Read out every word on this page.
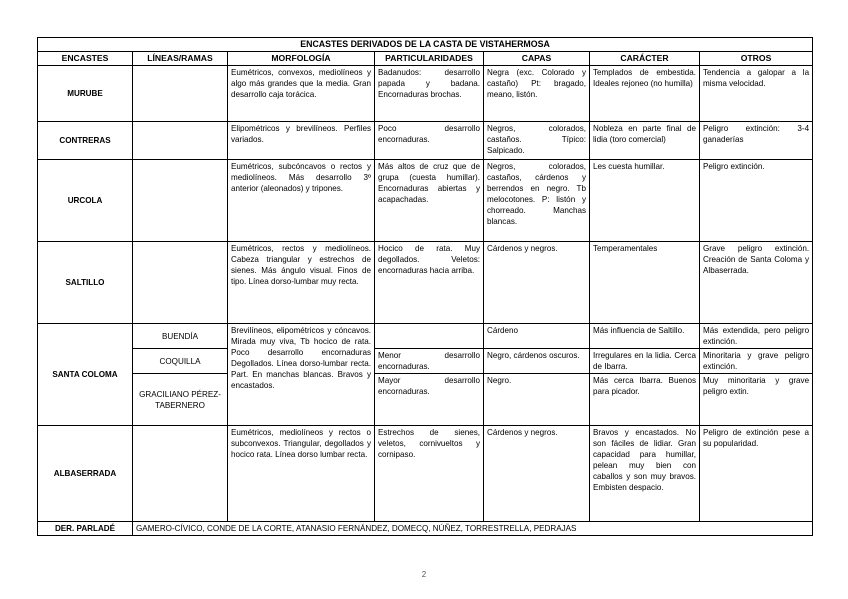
ENCASTES DERIVADOS DE LA CASTA DE VISTAHERMOSA						
ENCASTES	LÍNEAS/RAMAS	MORFOLOGÍA	PARTICULARIDADES	CAPAS	CARÁCTER	OTROS
MURUBE		Eumétricos, convexos, mediolíneos y algo más grandes que la media. Gran desarrollo caja torácica.	Badanudos: desarrollo papada y badana. Encornaduras brochas.	Negra (exc. Colorado y castaño) Pt: bragado, meano, listón.	Templados de embestida. Ideales rejoneo (no humilla)	Tendencia a galopar a la misma velocidad.
CONTRERAS		Elipométricos y brevilíneos. Perfiles variados.	Poco desarrollo encornaduras.	Negros, colorados, castaños. Típico: Salpicado.	Nobleza en parte final de lidia (toro comercial)	Peligro extinción: 3-4 ganaderías
URCOLA		Eumétricos, subcóncavos o rectos y mediolíneos. Más desarrollo 3º anterior (aleonados) y tripones.	Más altos de cruz que de grupa (cuesta humillar). Encornaduras abiertas y acapachadas.	Negros, colorados, castaños, cárdenos y berrendos en negro. Tb melocotones. P: listón y chorreado. Manchas blancas.	Les cuesta humillar.	Peligro extinción.
SALTILLO		Eumétricos, rectos y mediolíneos. Cabeza triangular y estrechos de sienes. Más ángulo visual. Finos de tipo. Línea dorso-lumbar muy recta.	Hocico de rata. Muy degollados. Veletos: encornaduras hacia arriba.	Cárdenos y negros.	Temperamentales	Grave peligro extinción. Creación de Santa Coloma y Albaserrada.
SANTA COLOMA	BUENDÍA	Brevilíneos, elipométricos y cóncavos. Mirada muy viva, Tb hocico de rata. Poco desarrollo encornaduras Degollados. Línea dorso-lumbar recta. Part. En manchas blancas. Bravos y encastados.		Cárdeno	Más influencia de Saltillo.	Más extendida, pero peligro extinción.
	COQUILLA		Menor desarrollo encornaduras.	Negro, cárdenos oscuros.	Irregulares en la lidia. Cerca de Ibarra.	Minoritaria y grave peligro extinción.
	GRACILIANO PÉREZ-TABERNERO		Mayor desarrollo encornaduras.	Negro.	Más cerca Ibarra. Buenos para picador.	Muy minoritaria y grave peligro extin.
ALBASERRADA		Eumétricos, mediolíneos y rectos o subconvexos. Triangular, degollados y hocico rata. Línea dorso lumbar recta.	Estrechos de sienes, veletos, cornivueltos y cornipaso.	Cárdenos y negros.	Bravos y encastados. No son fáciles de lidiar. Gran capacidad para humillar, pelean muy bien con caballos y son muy bravos. Embisten despacio.	Peligro de extinción pese a su popularidad.
DER. PARLADÉ	GAMERO-CÍVICO, CONDE DE LA CORTE, ATANASIO FERNÁNDEZ, DOMECQ, NÚÑEZ, TORRESTRELLA, PEDRAJAS					
2
